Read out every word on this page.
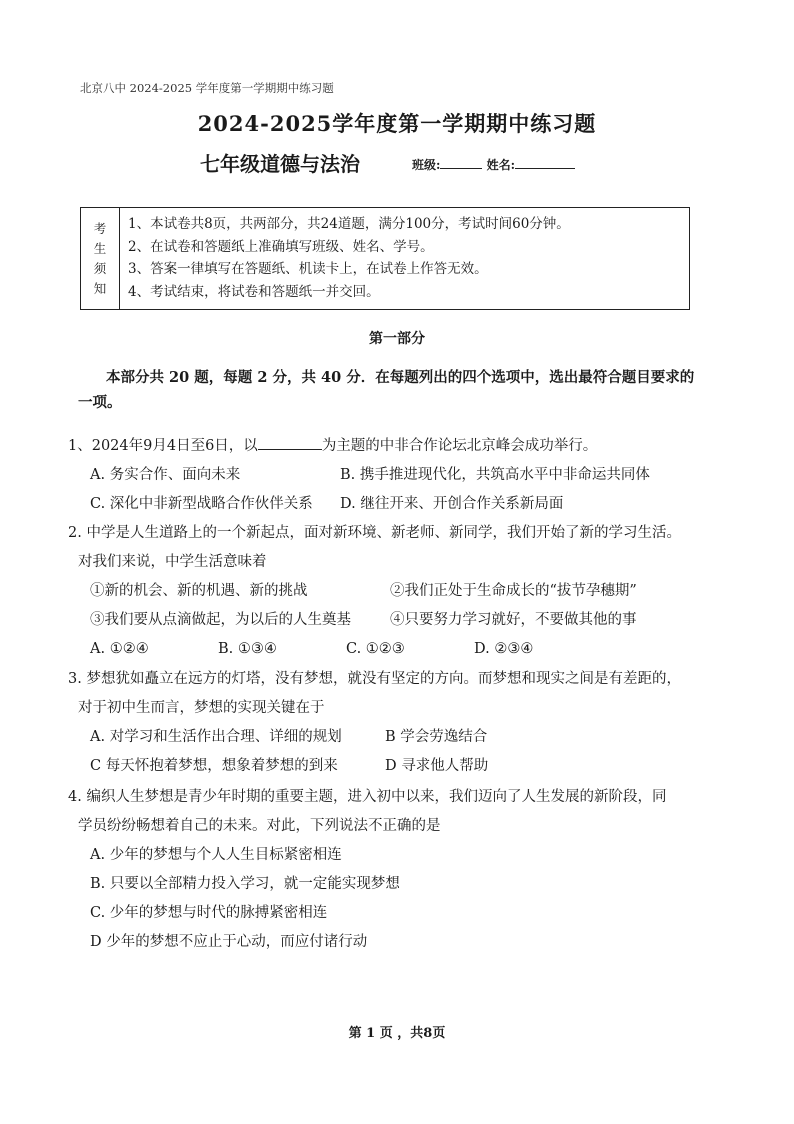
北京八中 2024-2025 学年度第一学期期中练习题
2024-2025学年度第一学期期中练习题
七年级道德与法治	班级:	姓名:
考
生
须
知
1、本试卷共8页，共两部分，共24道题，满分100分，考试时间60分钟。
2、在试卷和答题纸上准确填写班级、姓名、学号。
3、答案一律填写在答题纸、机读卡上，在试卷上作答无效。
4、考试结束，将试卷和答题纸一并交回。
第一部分
本部分共 20 题，每题 2 分，共 40 分．在每题列出的四个选项中，选出最符合题目要求的一项。
1、2024年9月4日至6日，以	为主题的中非合作论坛北京峰会成功举行。
A. 务实合作、面向未来	B. 携手推进现代化，共筑高水平中非命运共同体
C. 深化中非新型战略合作伙伴关系	D. 继往开来、开创合作关系新局面
2. 中学是人生道路上的一个新起点，面对新环境、新老师、新同学，我们开始了新的学习生活。
对我们来说，中学生活意味着
①新的机会、新的机遇、新的挑战	②我们正处于生命成长的“拔节孕穗期”
③我们要从点滴做起，为以后的人生奠基	④只要努力学习就好，不要做其他的事
A. ①②④	B. ①③④	C. ①②③	D. ②③④
3. 梦想犹如矗立在远方的灯塔，没有梦想，就没有坚定的方向。而梦想和现实之间是有差距的，
对于初中生而言，梦想的实现关键在于
A. 对学习和生活作出合理、详细的规划	B 学会劳逸结合
C 每天怀抱着梦想，想象着梦想的到来	D 寻求他人帮助
4. 编织人生梦想是青少年时期的重要主题，进入初中以来，我们迈向了人生发展的新阶段，同
学员纷纷畅想着自己的未来。对此，下列说法不正确的是
A. 少年的梦想与个人人生目标紧密相连
B. 只要以全部精力投入学习，就一定能实现梦想
C. 少年的梦想与时代的脉搏紧密相连
D 少年的梦想不应止于心动，而应付诸行动
第 1 页 ，共8页
